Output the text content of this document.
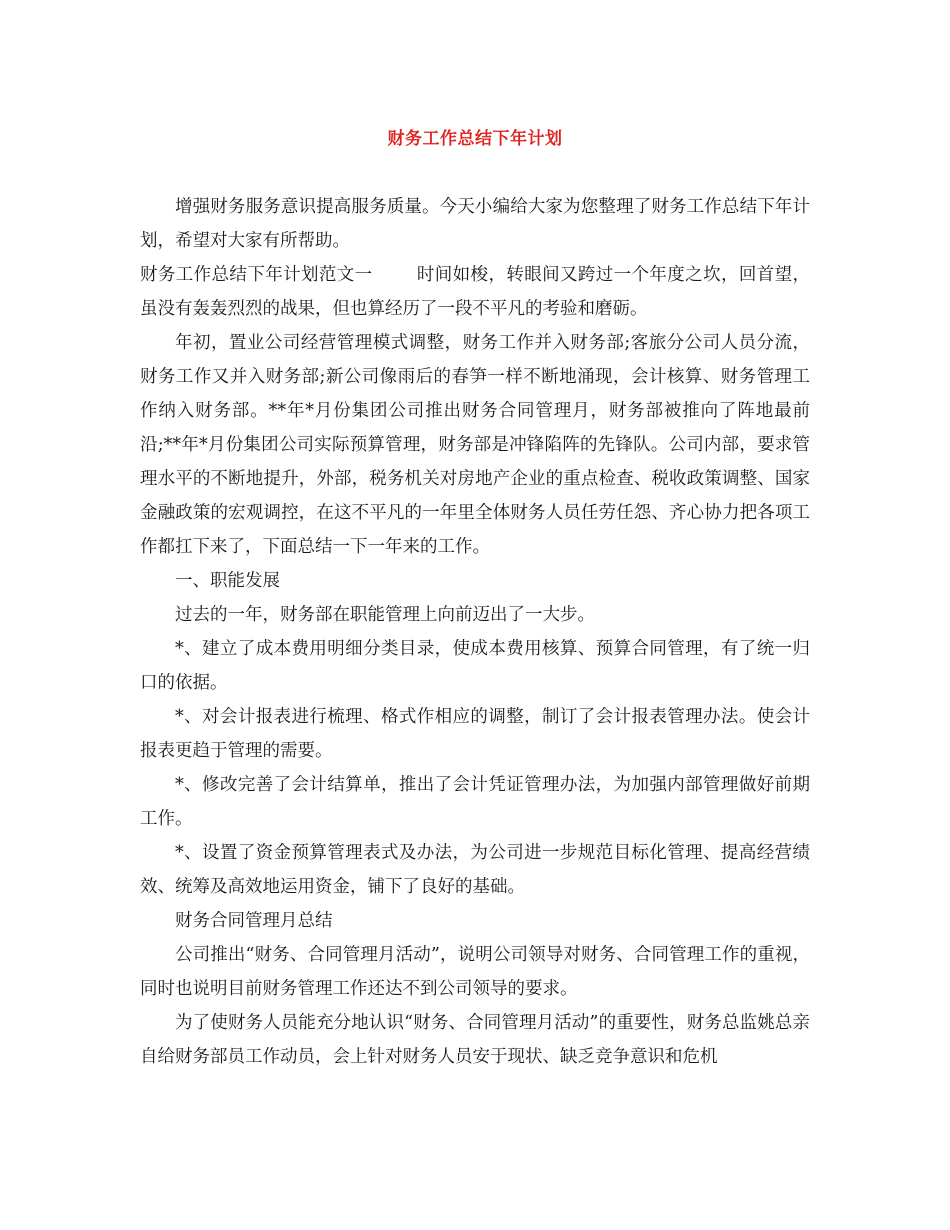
财务工作总结下年计划

增强财务服务意识提高服务质量。今天小编给大家为您整理了财务工作总结下年计划，希望对大家有所帮助。

财务工作总结下年计划范文一	时间如梭，转眼间又跨过一个年度之坎，回首望，虽没有轰轰烈烈的战果，但也算经历了一段不平凡的考验和磨砺。

年初，置业公司经营管理模式调整，财务工作并入财务部;客旅分公司人员分流，财务工作又并入财务部;新公司像雨后的春笋一样不断地涌现，会计核算、财务管理工作纳入财务部。**年*月份集团公司推出财务合同管理月，财务部被推向了阵地最前沿;**年*月份集团公司实际预算管理，财务部是冲锋陷阵的先锋队。公司内部，要求管理水平的不断地提升，外部，税务机关对房地产企业的重点检查、税收政策调整、国家金融政策的宏观调控，在这不平凡的一年里全体财务人员任劳任怨、齐心协力把各项工作都扛下来了，下面总结一下一年来的工作。

一、职能发展

过去的一年，财务部在职能管理上向前迈出了一大步。

*、建立了成本费用明细分类目录，使成本费用核算、预算合同管理，有了统一归口的依据。

*、对会计报表进行梳理、格式作相应的调整，制订了会计报表管理办法。使会计报表更趋于管理的需要。

*、修改完善了会计结算单，推出了会计凭证管理办法，为加强内部管理做好前期工作。

*、设置了资金预算管理表式及办法，为公司进一步规范目标化管理、提高经营绩效、统筹及高效地运用资金，铺下了良好的基础。

财务合同管理月总结

公司推出“财务、合同管理月活动”，说明公司领导对财务、合同管理工作的重视，同时也说明目前财务管理工作还达不到公司领导的要求。

为了使财务人员能充分地认识“财务、合同管理月活动”的重要性，财务总监姚总亲自给财务部员工作动员，会上针对财务人员安于现状、缺乏竞争意识和危机
